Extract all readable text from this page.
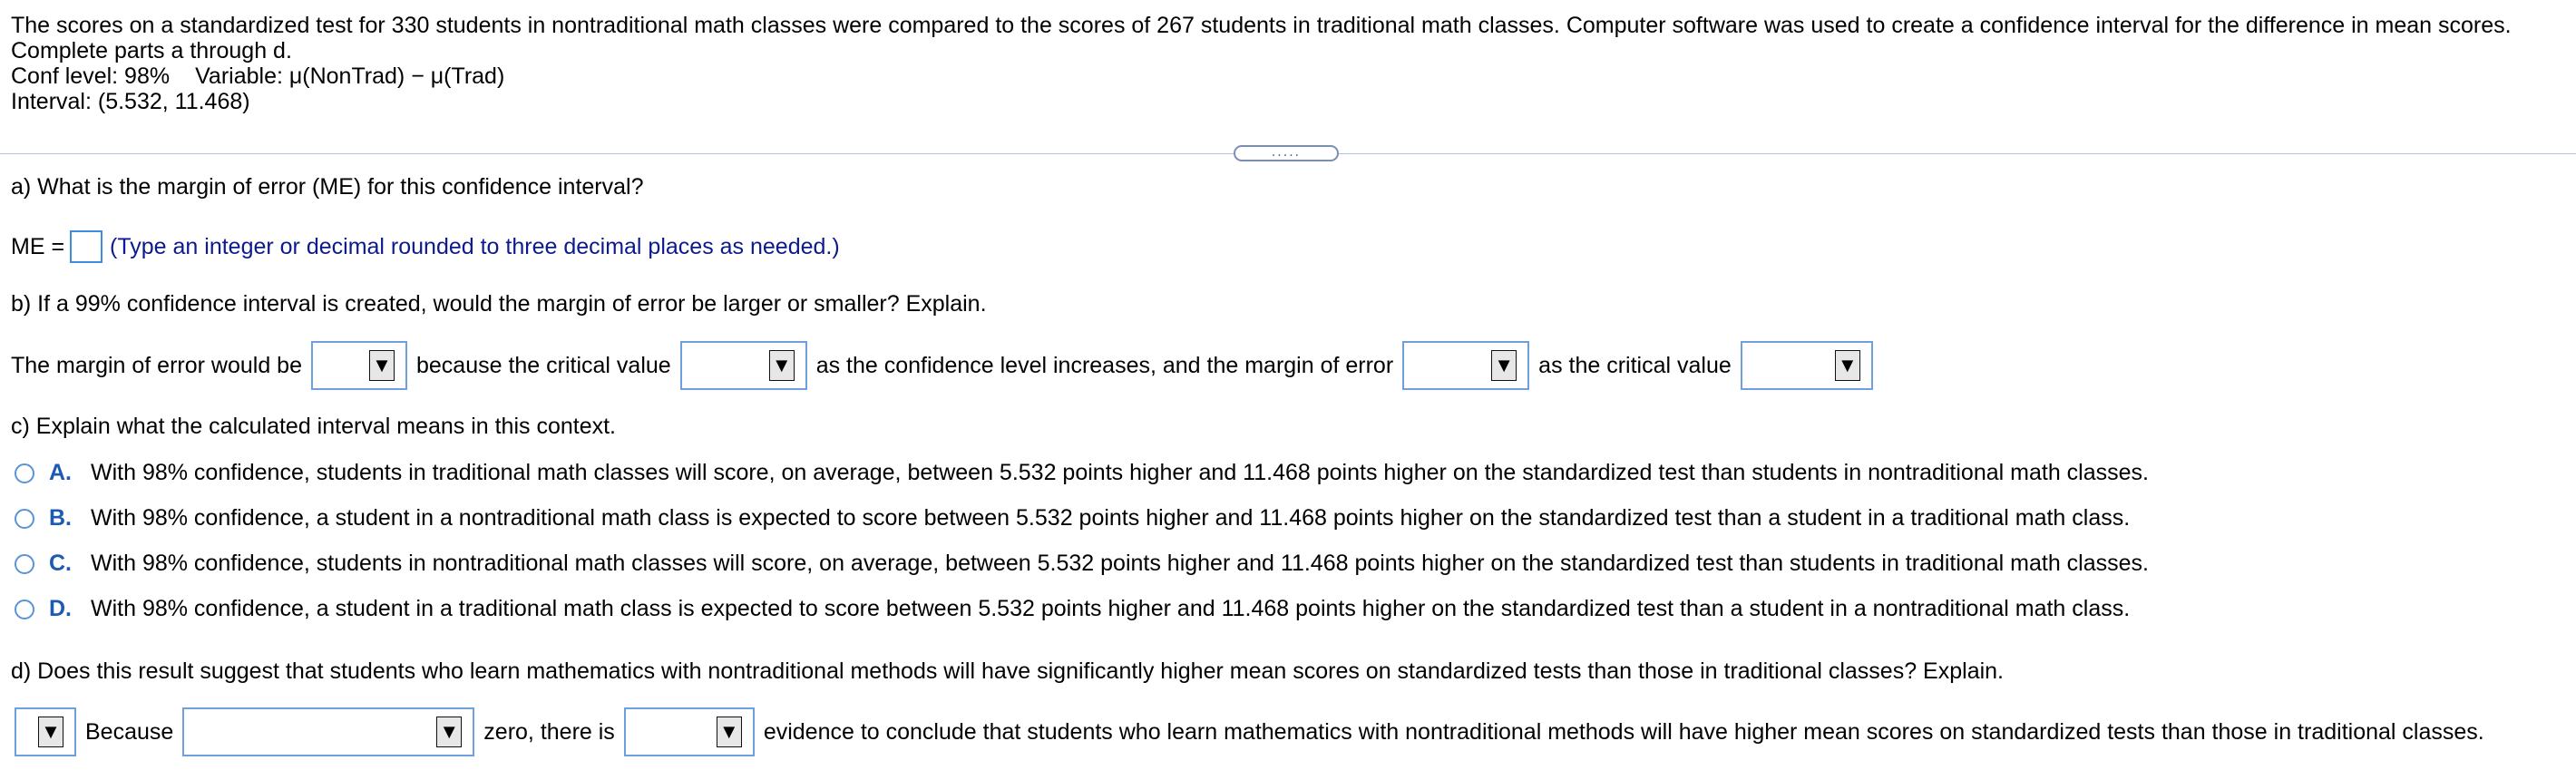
The scores on a standardized test for 330 students in nontraditional math classes were compared to the scores of 267 students in traditional math classes. Computer software was used to create a confidence interval for the difference in mean scores. Complete parts a through d.

Conf level: 98% Variable: μ(NonTrad) − μ(Trad)
Interval: (5.532, 11.468)
.....
a) What is the margin of error (ME) for this confidence interval?
ME = (Type an integer or decimal rounded to three decimal places as needed.)
b) If a 99% confidence interval is created, would the margin of error be larger or smaller? Explain.
The margin of error would be	▼ because the critical value	▼ as the confidence level increases, and the margin of error	▼ as the critical value	▼
c) Explain what the calculated interval means in this context.
A. With 98% confidence, students in traditional math classes will score, on average, between 5.532 points higher and 11.468 points higher on the standardized test than students in nontraditional math classes.
B. With 98% confidence, a student in a nontraditional math class is expected to score between 5.532 points higher and 11.468 points higher on the standardized test than a student in a traditional math class.
C. With 98% confidence, students in nontraditional math classes will score, on average, between 5.532 points higher and 11.468 points higher on the standardized test than students in traditional math classes.
D. With 98% confidence, a student in a traditional math class is expected to score between 5.532 points higher and 11.468 points higher on the standardized test than a student in a nontraditional math class.
d) Does this result suggest that students who learn mathematics with nontraditional methods will have significantly higher mean scores on standardized tests than those in traditional classes? Explain.
▼ Because	▼ zero, there is	▼ evidence to conclude that students who learn mathematics with nontraditional methods will have higher mean scores on standardized tests than those in traditional classes.
